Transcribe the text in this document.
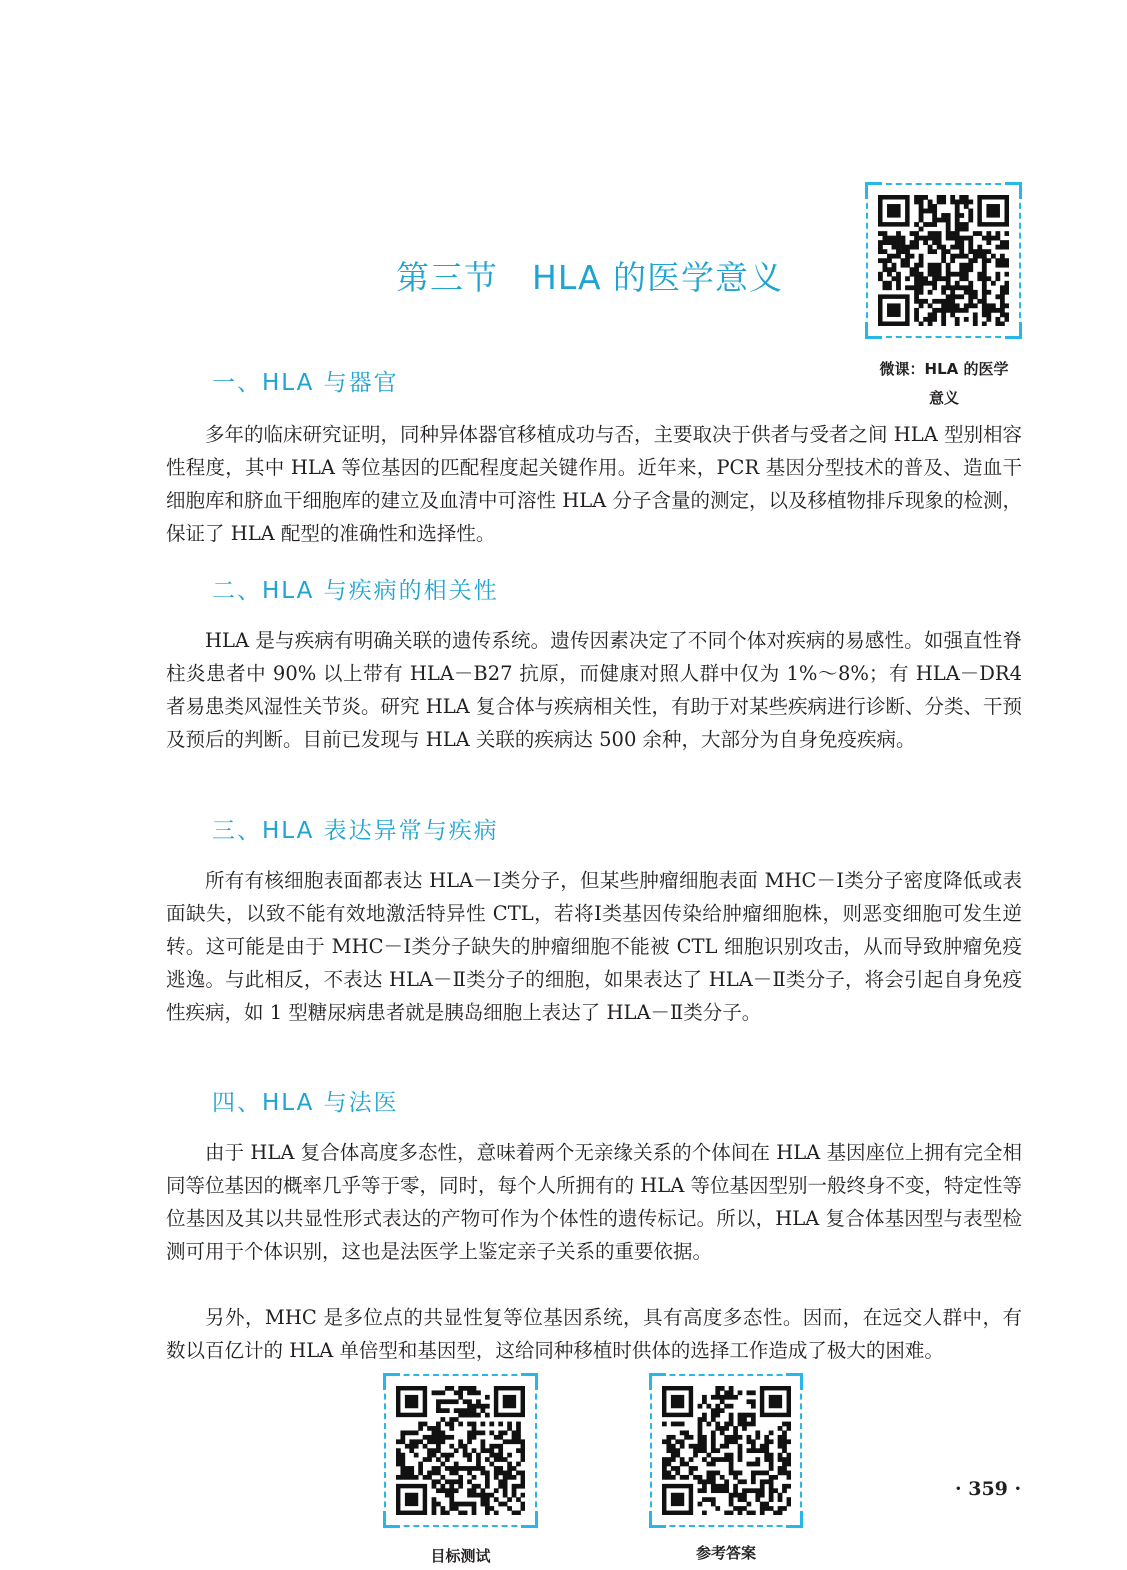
第三节　HLA 的医学意义
微课：HLA 的医学
意义
一、HLA 与器官

多年的临床研究证明，同种异体器官移植成功与否，主要取决于供者与受者之间 HLA 型别相容性程度，其中 HLA 等位基因的匹配程度起关键作用。近年来，PCR 基因分型技术的普及、造血干细胞库和脐血干细胞库的建立及血清中可溶性 HLA 分子含量的测定，以及移植物排斥现象的检测，保证了 HLA 配型的准确性和选择性。

二、HLA 与疾病的相关性

HLA 是与疾病有明确关联的遗传系统。遗传因素决定了不同个体对疾病的易感性。如强直性脊柱炎患者中 90% 以上带有 HLA－B27 抗原，而健康对照人群中仅为 1%～8%；有 HLA－DR4 者易患类风湿性关节炎。研究 HLA 复合体与疾病相关性，有助于对某些疾病进行诊断、分类、干预及预后的判断。目前已发现与 HLA 关联的疾病达 500 余种，大部分为自身免疫疾病。

三、HLA 表达异常与疾病

所有有核细胞表面都表达 HLA－Ⅰ类分子，但某些肿瘤细胞表面 MHC－Ⅰ类分子密度降低或表面缺失，以致不能有效地激活特异性 CTL，若将Ⅰ类基因传染给肿瘤细胞株，则恶变细胞可发生逆转。这可能是由于 MHC－Ⅰ类分子缺失的肿瘤细胞不能被 CTL 细胞识别攻击，从而导致肿瘤免疫逃逸。与此相反，不表达 HLA－Ⅱ类分子的细胞，如果表达了 HLA－Ⅱ类分子，将会引起自身免疫性疾病，如 1 型糖尿病患者就是胰岛细胞上表达了 HLA－Ⅱ类分子。

四、HLA 与法医

由于 HLA 复合体高度多态性，意味着两个无亲缘关系的个体间在 HLA 基因座位上拥有完全相同等位基因的概率几乎等于零，同时，每个人所拥有的 HLA 等位基因型别一般终身不变，特定性等位基因及其以共显性形式表达的产物可作为个体性的遗传标记。所以，HLA 复合体基因型与表型检测可用于个体识别，这也是法医学上鉴定亲子关系的重要依据。

另外，MHC 是多位点的共显性复等位基因系统，具有高度多态性。因而，在远交人群中，有数以百亿计的 HLA 单倍型和基因型，这给同种移植时供体的选择工作造成了极大的困难。

目标测试	参考答案
· 359 ·
